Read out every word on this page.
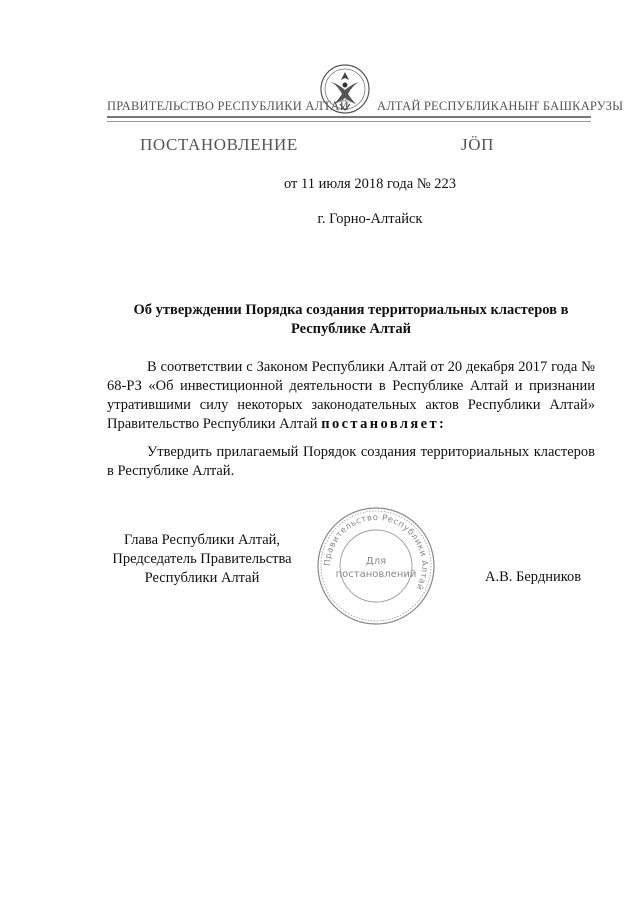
ПРАВИТЕЛЬСТВО РЕСПУБЛИКИ АЛТАЙ АЛТАЙ РЕСПУБЛИКАНЫҤ БАШКАРУЗЫ
ПОСТАНОВЛЕНИЕ	JÖП
от 11 июля 2018 года № 223
г. Горно-Алтайск
Об утверждении Порядка создания территориальных кластеров в
Республике Алтай
В соответствии с Законом Республики Алтай от 20 декабря 2017 года № 68-РЗ «Об инвестиционной деятельности в Республике Алтай и признании утратившими силу некоторых законодательных актов Республики Алтай» Правительство Республики Алтай постановляет:
Утвердить прилагаемый Порядок создания территориальных кластеров в Республике Алтай.
Глава Республики Алтай,
Председатель Правительства
Республики Алтай
Правительство Республики Алтай
Для
постановлений	А.В. Бердников
